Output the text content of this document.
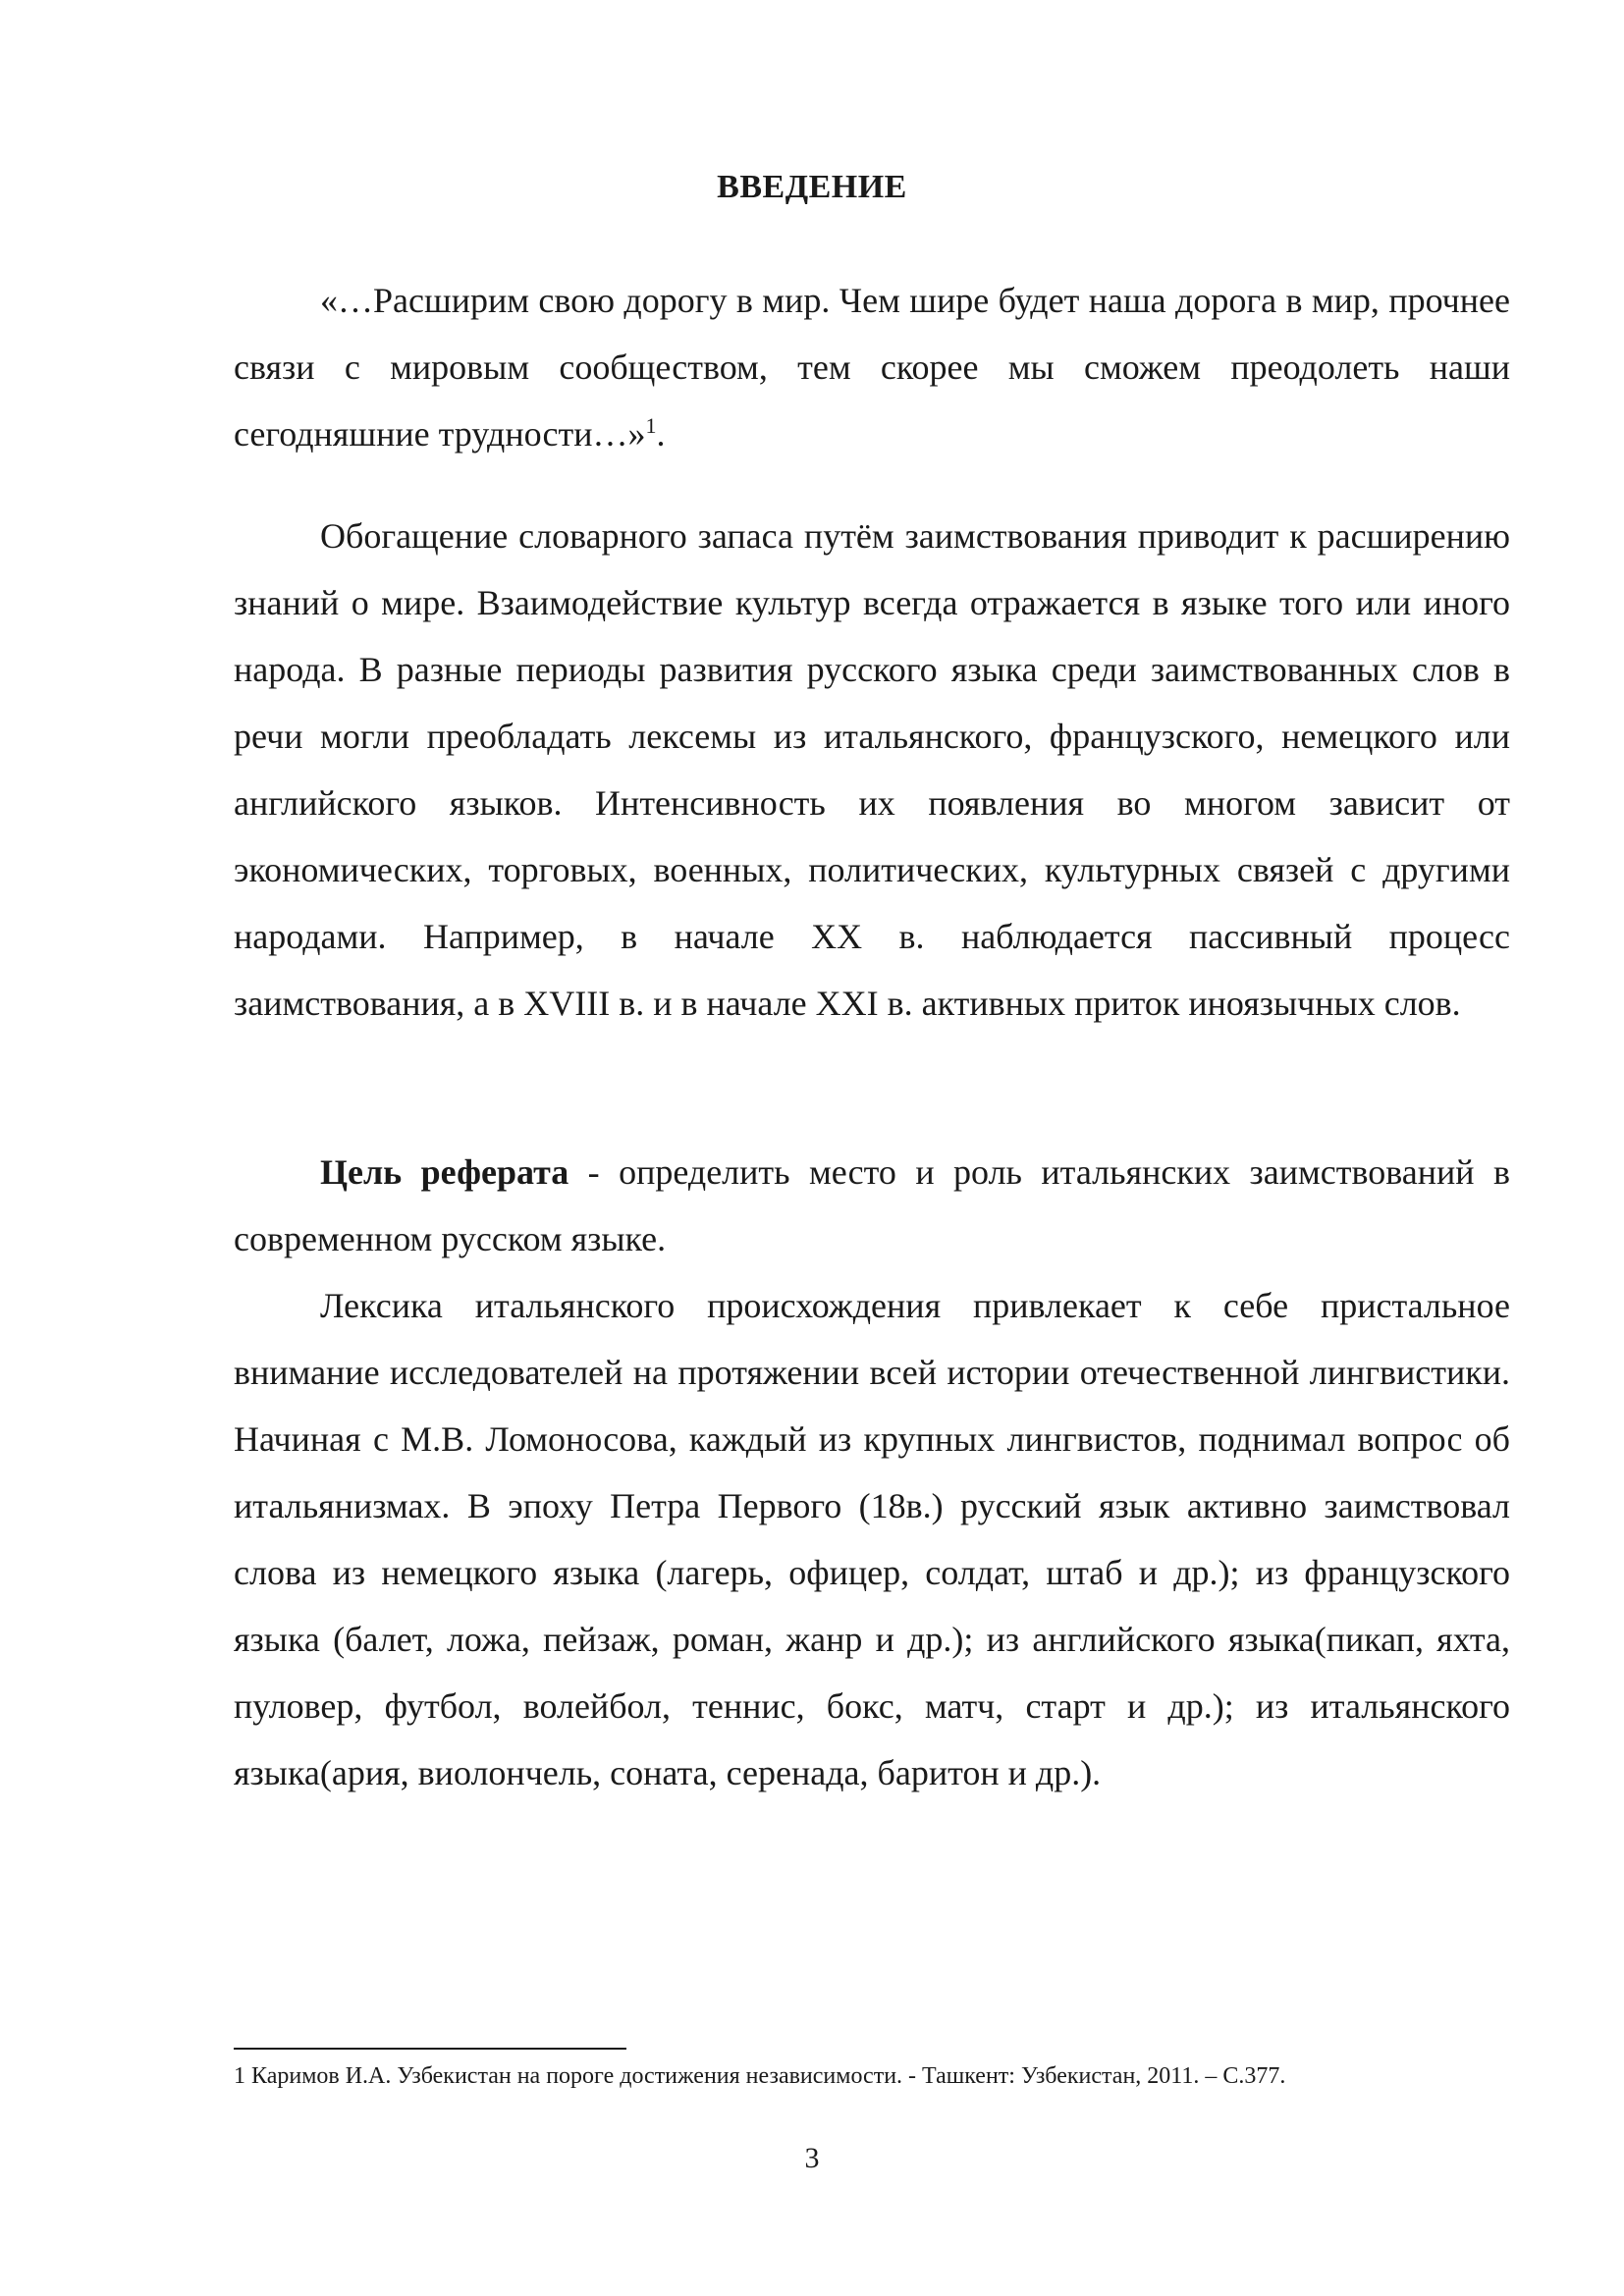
ВВЕДЕНИЕ

«…Расширим свою дорогу в мир. Чем шире будет наша дорога в мир, прочнее связи с мировым сообществом, тем скорее мы сможем преодолеть наши сегодняшние трудности…»$^1$.

Обогащение словарного запаса путём заимствования приводит к расширению знаний о мире. Взаимодействие культур всегда отражается в языке того или иного народа. В разные периоды развития русского языка среди заимствованных слов в речи могли преобладать лексемы из итальянского, французского, немецкого или английского языков. Интенсивность их появления во многом зависит от экономических, торговых, военных, политических, культурных связей с другими народами. Например, в начале XX в. наблюдается пассивный процесс заимствования, а в XVIII в. и в начале XXI в. активных приток иноязычных слов.

Цель реферата - определить место и роль итальянских заимствований в современном русском языке.

Лексика итальянского происхождения привлекает к себе пристальное внимание исследователей на протяжении всей истории отечественной лингвистики. Начиная с М.В. Ломоносова, каждый из крупных лингвистов, поднимал вопрос об итальянизмах. В эпоху Петра Первого (18в.) русский язык активно заимствовал слова из немецкого языка (лагерь, офицер, солдат, штаб и др.); из французского языка (балет, ложа, пейзаж, роман, жанр и др.); из английского языка(пикап, яхта, пуловер, футбол, волейбол, теннис, бокс, матч, старт и др.); из итальянского языка(ария, виолончель, соната, серенада, баритон и др.).

1 Каримов И.А. Узбекистан на пороге достижения независимости. - Ташкент: Узбекистан, 2011. – С.377.

3
